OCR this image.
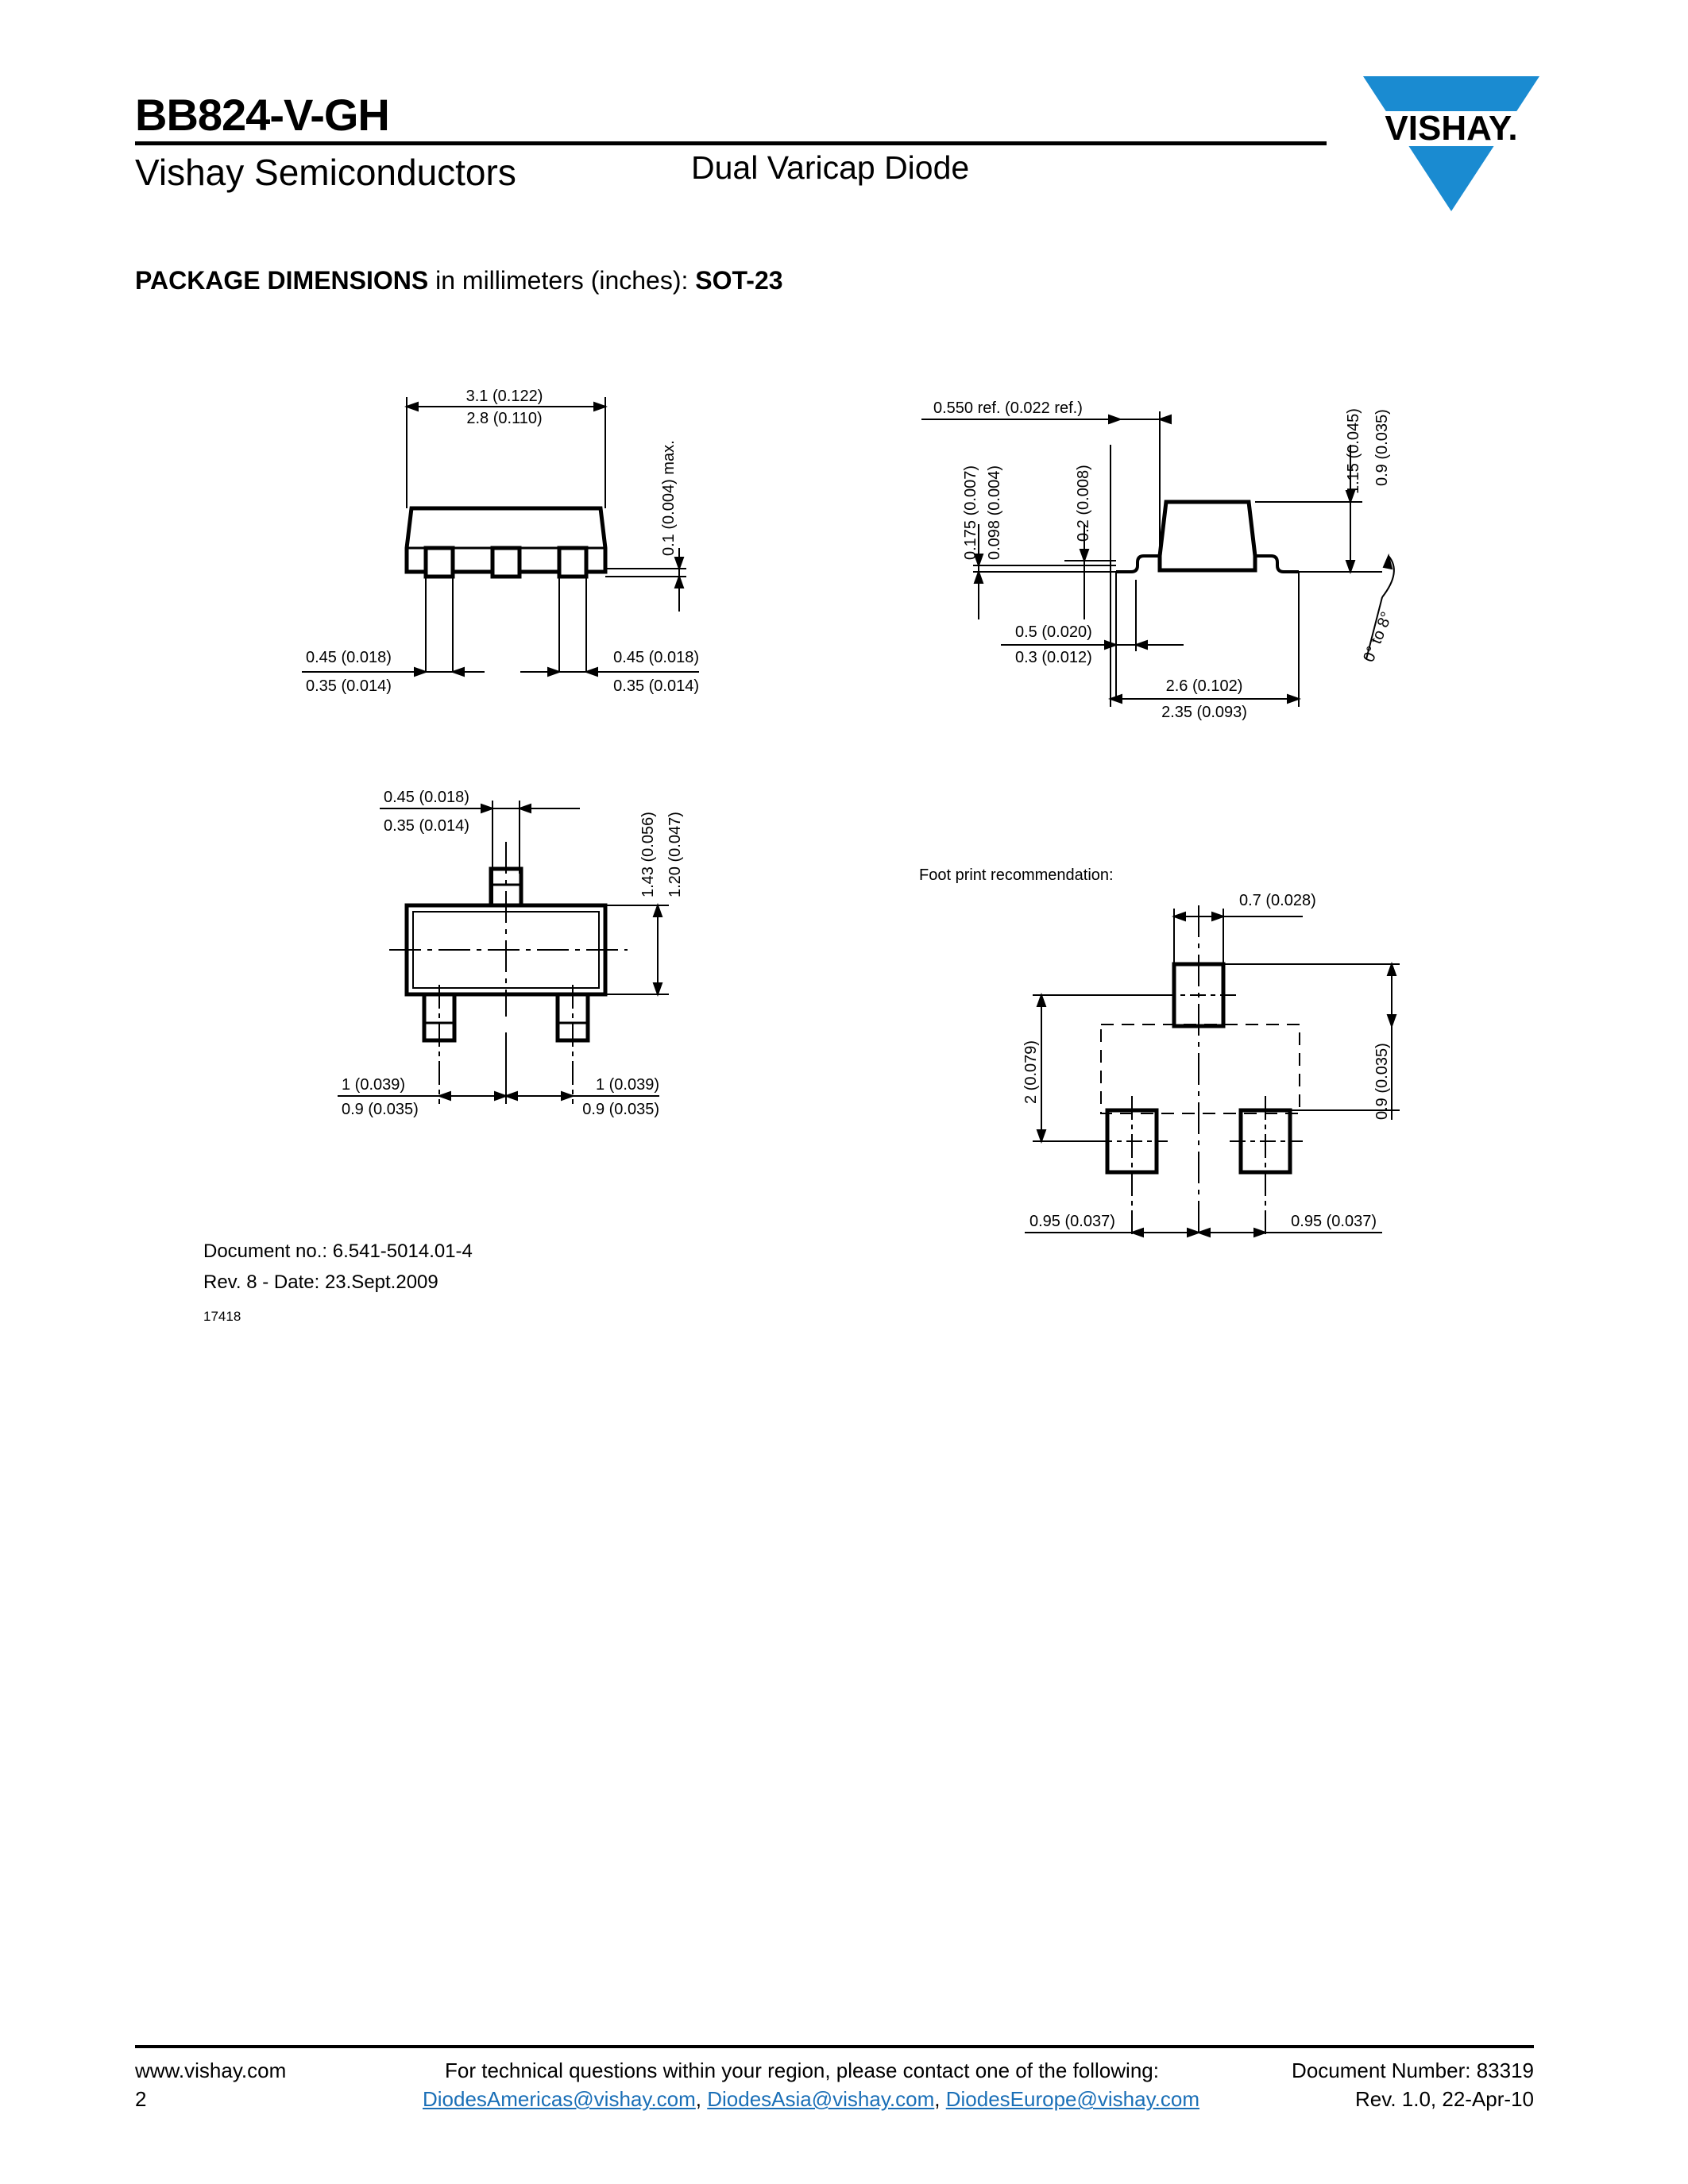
BB824-V-GH
Vishay Semiconductors	Dual Varicap Diode
VISHAY.
PACKAGE DIMENSIONS in millimeters (inches): SOT-23
3.1 (0.122)
2.8 (0.110)
0.1 (0.004) max.
0.45 (0.018)
0.35 (0.014)
0.45 (0.018)
0.35 (0.014)
0.550 ref. (0.022 ref.)
0.175 (0.007) 0.098 (0.004)	0.2 (0.008)
1.15 (0.045) 0.9 (0.035)
0° to 8°
0.5 (0.020)
0.3 (0.012)
2.6 (0.102)
2.35 (0.093)
0.45 (0.018)
0.35 (0.014)	1.43 (0.056) 1.20 (0.047)
1 (0.039)
0.9 (0.035)
1 (0.039)
0.9 (0.035)
Foot print recommendation:
0.7 (0.028)
2 (0.079)	0.9 (0.035)
0.95 (0.037)	0.95 (0.037)
Document no.: 6.541-5014.01-4
Rev. 8 - Date: 23.Sept.2009
17418
www.vishay.com
2
For technical questions within your region, please contact one of the following:
DiodesAmericas@vishay.com, DiodesAsia@vishay.com, DiodesEurope@vishay.com
Document Number: 83319
Rev. 1.0, 22-Apr-10
